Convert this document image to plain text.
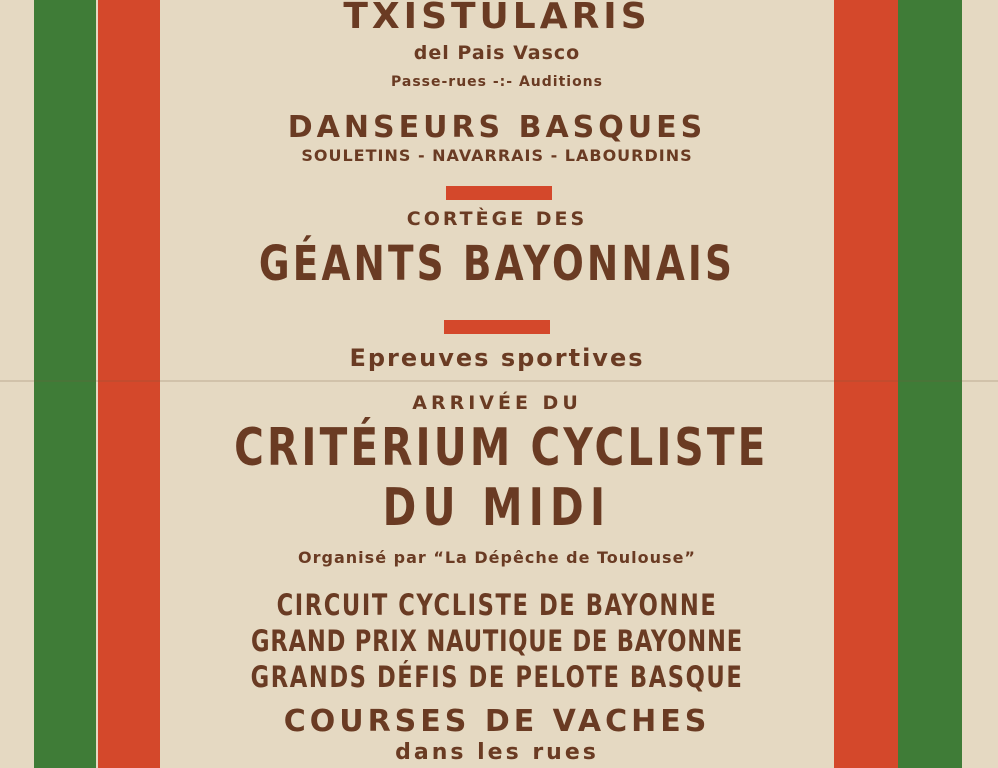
TXISTULARIS

del Pais Vasco

Passe-rues -:- Auditions

DANSEURS BASQUES

SOULETINS - NAVARRAIS - LABOURDINS

CORTÈGE DES

GÉANTS BAYONNAIS

Epreuves sportives

ARRIVÉE DU

CRITÉRIUM CYCLISTE

DU MIDI

Organisé par “La Dépêche de Toulouse”

CIRCUIT CYCLISTE DE BAYONNE

GRAND PRIX NAUTIQUE DE BAYONNE

GRANDS DÉFIS DE PELOTE BASQUE

COURSES DE VACHES

dans les rues
